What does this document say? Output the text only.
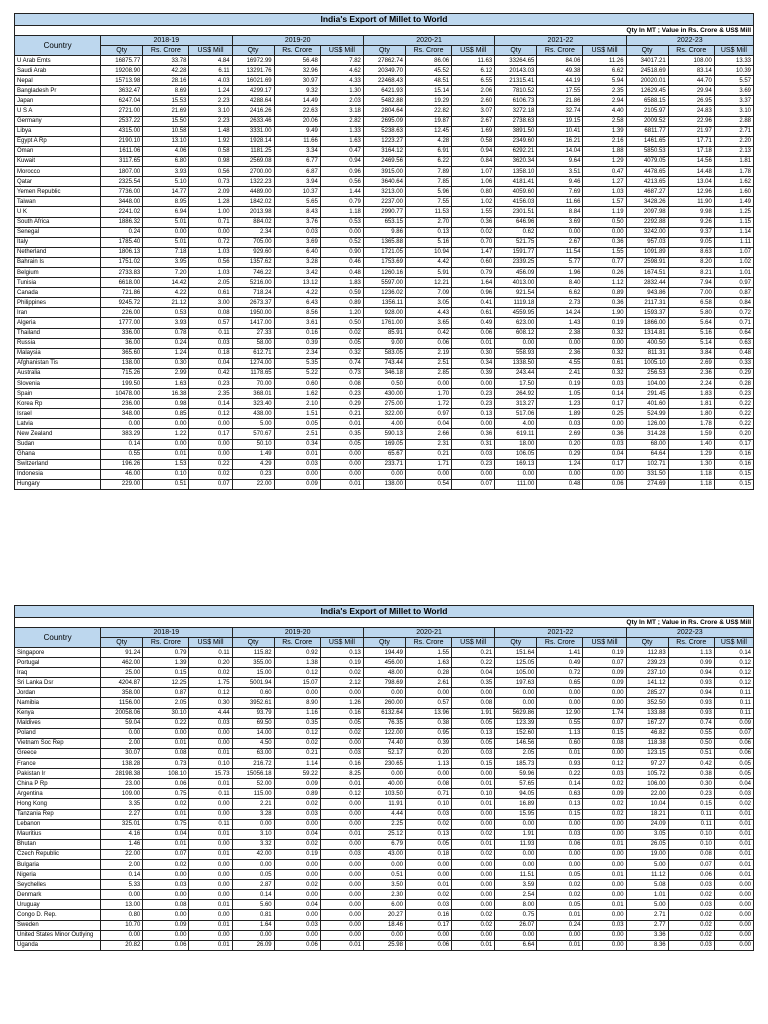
India's Export of Millet to World															
Qty In MT ; Value in Rs. Crore & US$ Mill															
Country	2018-19			2019-20			2020-21			2021-22			2022-23		
	Qty	Rs. Crore	US$ Mill	Qty	Rs. Crore	US$ Mill	Qty	Rs. Crore	US$ Mill	Qty	Rs. Crore	US$ Mill	Qty	Rs. Crore	US$ Mill
U Arab Emts	16875.77	33.78	4.84	16972.99	56.48	7.82	27862.74	86.06	11.63	33264.65	84.06	11.26	34017.21	108.00	13.33
Saudi Arab	19208.90	42.28	6.11	13291.76	32.96	4.62	20349.70	45.52	6.12	20143.03	49.38	6.62	24518.69	83.14	10.39
Nepal	15713.98	28.16	4.03	16021.69	30.97	4.33	22468.43	48.51	6.55	21315.41	44.19	5.94	20020.01	44.70	5.57
Bangladesh Pr	3632.47	8.69	1.24	4299.17	9.32	1.30	6421.93	15.14	2.06	7810.52	17.55	2.35	12629.45	29.94	3.69
Japan	6247.04	15.53	2.23	4288.64	14.49	2.03	5482.88	19.29	2.60	6106.73	21.86	2.94	6588.15	26.95	3.37
U S A	2721.00	21.69	3.10	2416.26	22.63	3.18	2804.64	22.82	3.07	3272.18	32.74	4.40	2105.97	24.83	3.10
Germany	2537.22	15.50	2.23	2633.46	20.06	2.82	2695.09	19.87	2.67	2738.63	19.15	2.58	2009.52	22.96	2.88
Libya	4315.00	10.58	1.48	3331.00	9.49	1.33	5238.63	12.45	1.69	3891.50	10.41	1.39	6811.77	21.97	2.71
Egypt A Rp	2190.10	13.10	1.92	1928.14	11.66	1.63	1223.27	4.28	0.58	2349.60	16.21	2.16	1461.65	17.71	2.20
Oman	1611.06	4.06	0.58	1181.25	3.34	0.47	3164.12	6.91	0.94	6292.21	14.04	1.88	5850.53	17.18	2.13
Kuwait	3117.65	6.80	0.98	2569.08	6.77	0.94	2469.56	6.22	0.84	3620.34	9.64	1.29	4079.05	14.56	1.81
Morocco	1807.00	3.93	0.56	2700.00	6.87	0.96	3915.00	7.89	1.07	1358.10	3.51	0.47	4478.65	14.48	1.78
Qatar	2325.54	5.10	0.73	1322.23	3.94	0.56	3640.64	7.85	1.06	4181.41	9.46	1.27	4213.65	13.04	1.62
Yemen Republic	7736.00	14.77	2.09	4489.00	10.37	1.44	3213.00	5.96	0.80	4059.60	7.69	1.03	4687.27	12.96	1.60
Taiwan	3448.00	8.95	1.28	1842.02	5.65	0.79	2237.00	7.55	1.02	4156.03	11.66	1.57	3428.26	11.90	1.49
U K	2241.02	6.94	1.00	2013.98	8.43	1.18	2990.77	11.53	1.55	2301.51	8.84	1.19	2097.98	9.98	1.25
South Africa	1886.32	5.01	0.71	884.02	3.76	0.53	653.15	2.70	0.36	646.96	3.69	0.50	2292.88	9.26	1.15
Senegal	0.24	0.00	0.00	2.34	0.03	0.00	9.86	0.13	0.02	0.62	0.00	0.00	3242.00	9.37	1.14
Italy	1785.40	5.01	0.72	705.00	3.69	0.52	1365.88	5.16	0.70	521.75	2.67	0.36	957.03	9.05	1.11
Netherland	1806.13	7.18	1.03	929.60	6.40	0.90	1721.05	10.94	1.47	1591.77	11.54	1.55	1091.89	8.63	1.07
Bahrain Is	1751.02	3.95	0.56	1357.62	3.28	0.46	1753.69	4.42	0.60	2339.25	5.77	0.77	2598.91	8.20	1.02
Belgium	2733.83	7.20	1.03	746.22	3.42	0.48	1260.16	5.91	0.79	456.09	1.96	0.26	1674.51	8.21	1.01
Tunisia	6618.00	14.42	2.05	5216.00	13.12	1.83	5597.00	12.21	1.64	4013.00	8.40	1.12	2832.44	7.94	0.97
Canada	721.86	4.22	0.61	718.24	4.22	0.59	1236.02	7.09	0.96	921.54	6.62	0.89	943.86	7.00	0.87
Philippines	9245.72	21.12	3.00	2673.37	6.43	0.89	1356.11	3.05	0.41	1119.18	2.73	0.36	2117.31	6.58	0.84
Iran	226.00	0.53	0.08	1950.00	8.56	1.20	928.00	4.43	0.61	4559.95	14.24	1.90	1593.37	5.80	0.72
Algeria	1777.00	3.93	0.57	1417.00	3.61	0.50	1761.00	3.65	0.49	623.00	1.43	0.19	1866.00	5.64	0.71
Thailand	336.00	0.78	0.11	27.33	0.16	0.02	85.91	0.42	0.06	608.12	2.38	0.32	1314.81	5.16	0.64
Russia	36.00	0.24	0.03	58.00	0.39	0.05	9.00	0.06	0.01	0.00	0.00	0.00	400.50	5.14	0.63
Malaysia	365.60	1.24	0.18	612.71	2.34	0.32	583.05	2.19	0.30	558.93	2.36	0.32	811.31	3.84	0.48
Afghanistan Tis	138.00	0.30	0.04	1274.00	5.35	0.74	743.44	2.51	0.34	1338.50	4.55	0.61	1005.10	2.69	0.33
Australia	715.26	2.99	0.42	1178.65	5.22	0.73	346.18	2.85	0.39	243.44	2.41	0.32	256.53	2.36	0.29
Slovenia	199.50	1.63	0.23	70.00	0.60	0.08	0.50	0.00	0.00	17.50	0.19	0.03	104.00	2.24	0.28
Spain	10478.00	16.38	2.35	368.01	1.62	0.23	430.00	1.70	0.23	264.92	1.05	0.14	291.45	1.83	0.23
Korea Rp	236.00	0.98	0.14	323.40	2.10	0.29	275.00	1.72	0.23	313.27	1.23	0.17	401.60	1.81	0.22
Israel	348.00	0.85	0.12	438.00	1.51	0.21	322.00	0.97	0.13	517.06	1.89	0.25	524.99	1.80	0.22
Latvia	0.00	0.00	0.00	5.00	0.05	0.01	4.00	0.04	0.00	4.00	0.03	0.00	126.00	1.78	0.22
New Zealand	383.29	1.22	0.17	570.67	2.51	0.35	590.13	2.66	0.36	619.11	2.69	0.36	314.28	1.59	0.20
Sudan	0.14	0.00	0.00	50.10	0.34	0.05	169.05	2.31	0.31	18.00	0.20	0.03	68.00	1.40	0.17
Ghana	0.55	0.01	0.00	1.49	0.01	0.00	65.67	0.21	0.03	106.05	0.29	0.04	64.64	1.29	0.16
Switzerland	196.26	1.53	0.22	4.29	0.03	0.00	233.71	1.71	0.23	169.13	1.24	0.17	102.71	1.30	0.16
Indonesia	46.00	0.10	0.02	0.23	0.00	0.00	0.00	0.00	0.00	0.00	0.00	0.00	331.50	1.18	0.15
Hungary	229.00	0.51	0.07	22.00	0.09	0.01	138.00	0.54	0.07	111.00	0.48	0.06	274.69	1.18	0.15
India's Export of Millet to World															
Qty In MT ; Value in Rs. Crore & US$ Mill															
Country	2018-19			2019-20			2020-21			2021-22			2022-23		
	Qty	Rs. Crore	US$ Mill	Qty	Rs. Crore	US$ Mill	Qty	Rs. Crore	US$ Mill	Qty	Rs. Crore	US$ Mill	Qty	Rs. Crore	US$ Mill
Singapore	91.24	0.79	0.11	115.82	0.92	0.13	194.49	1.55	0.21	151.64	1.41	0.19	112.83	1.13	0.14
Portugal	462.00	1.39	0.20	355.00	1.38	0.19	456.00	1.63	0.22	125.05	0.49	0.07	239.23	0.99	0.12
Iraq	25.00	0.15	0.02	15.00	0.12	0.02	48.00	0.28	0.04	105.00	0.72	0.09	237.10	0.94	0.12
Sri Lanka Dsr	4204.87	12.25	1.75	5001.94	15.07	2.12	798.69	2.61	0.35	197.63	0.65	0.09	141.12	0.93	0.12
Jordan	358.00	0.87	0.12	0.60	0.00	0.00	0.00	0.00	0.00	0.00	0.00	0.00	285.27	0.94	0.11
Namibia	1156.00	2.05	0.30	3952.61	8.90	1.26	260.00	0.57	0.08	0.00	0.00	0.00	352.50	0.93	0.11
Kenya	20058.06	30.10	4.44	93.79	1.16	0.16	6132.64	13.96	1.91	5629.86	12.90	1.74	133.88	0.93	0.11
Maldives	59.04	0.22	0.03	69.50	0.35	0.05	76.35	0.38	0.05	123.39	0.55	0.07	167.27	0.74	0.09
Poland	0.00	0.00	0.00	14.00	0.12	0.02	122.00	0.95	0.13	152.60	1.13	0.15	46.82	0.55	0.07
Vietnam Soc Rep	2.00	0.01	0.00	4.50	0.02	0.00	74.40	0.39	0.05	146.56	0.60	0.08	118.38	0.50	0.06
Greece	30.07	0.08	0.01	63.00	0.21	0.03	52.17	0.20	0.03	2.05	0.01	0.00	123.15	0.51	0.06
France	138.28	0.73	0.10	216.72	1.14	0.16	230.65	1.13	0.15	185.73	0.93	0.12	97.27	0.42	0.05
Pakistan Ir	28198.38	108.10	15.73	15056.18	59.22	8.25	0.00	0.00	0.00	59.96	0.22	0.03	105.72	0.38	0.05
China P Rp	23.00	0.06	0.01	52.00	0.09	0.01	40.00	0.08	0.01	57.65	0.14	0.02	106.00	0.30	0.04
Argentina	109.00	0.75	0.11	115.00	0.89	0.12	103.50	0.71	0.10	94.05	0.63	0.09	22.00	0.23	0.03
Hong Kong	3.35	0.02	0.00	2.21	0.02	0.00	11.91	0.10	0.01	16.89	0.13	0.02	10.04	0.15	0.02
Tanzania Rep	2.27	0.01	0.00	3.28	0.03	0.00	4.44	0.03	0.00	15.95	0.15	0.02	18.21	0.11	0.01
Lebanon	325.01	0.75	0.11	0.00	0.00	0.00	2.25	0.02	0.00	0.00	0.00	0.00	24.09	0.11	0.01
Mauritius	4.16	0.04	0.01	3.10	0.04	0.01	25.12	0.13	0.02	1.91	0.03	0.00	3.05	0.10	0.01
Bhutan	1.46	0.01	0.00	3.32	0.02	0.00	6.79	0.05	0.01	11.93	0.06	0.01	26.05	0.10	0.01
Czech Republic	22.00	0.07	0.01	42.00	0.19	0.03	43.00	0.18	0.02	0.00	0.00	0.00	19.00	0.08	0.01
Bulgaria	2.00	0.02	0.00	0.00	0.00	0.00	0.00	0.00	0.00	0.00	0.00	0.00	5.00	0.07	0.01
Nigeria	0.14	0.00	0.00	0.05	0.00	0.00	0.51	0.00	0.00	11.51	0.05	0.01	11.12	0.06	0.01
Seychelles	5.33	0.03	0.00	2.87	0.02	0.00	3.50	0.01	0.00	3.59	0.02	0.00	5.08	0.03	0.00
Denmark	0.00	0.00	0.00	0.14	0.00	0.00	2.30	0.02	0.00	2.54	0.02	0.00	1.01	0.02	0.00
Uruguay	13.00	0.08	0.01	5.60	0.04	0.00	6.00	0.03	0.00	8.00	0.05	0.01	5.00	0.03	0.00
Congo D. Rep.	0.80	0.00	0.00	0.81	0.00	0.00	20.27	0.16	0.02	0.75	0.01	0.00	2.71	0.02	0.00
Sweden	10.70	0.09	0.01	1.64	0.03	0.00	18.46	0.17	0.02	26.07	0.24	0.03	2.77	0.02	0.00
United States Minor Outlying	0.00	0.00	0.00	0.00	0.00	0.00	0.00	0.00	0.00	0.00	0.00	0.00	3.36	0.02	0.00
Uganda	20.82	0.06	0.01	26.09	0.06	0.01	25.98	0.06	0.01	6.64	0.01	0.00	8.36	0.03	0.00
